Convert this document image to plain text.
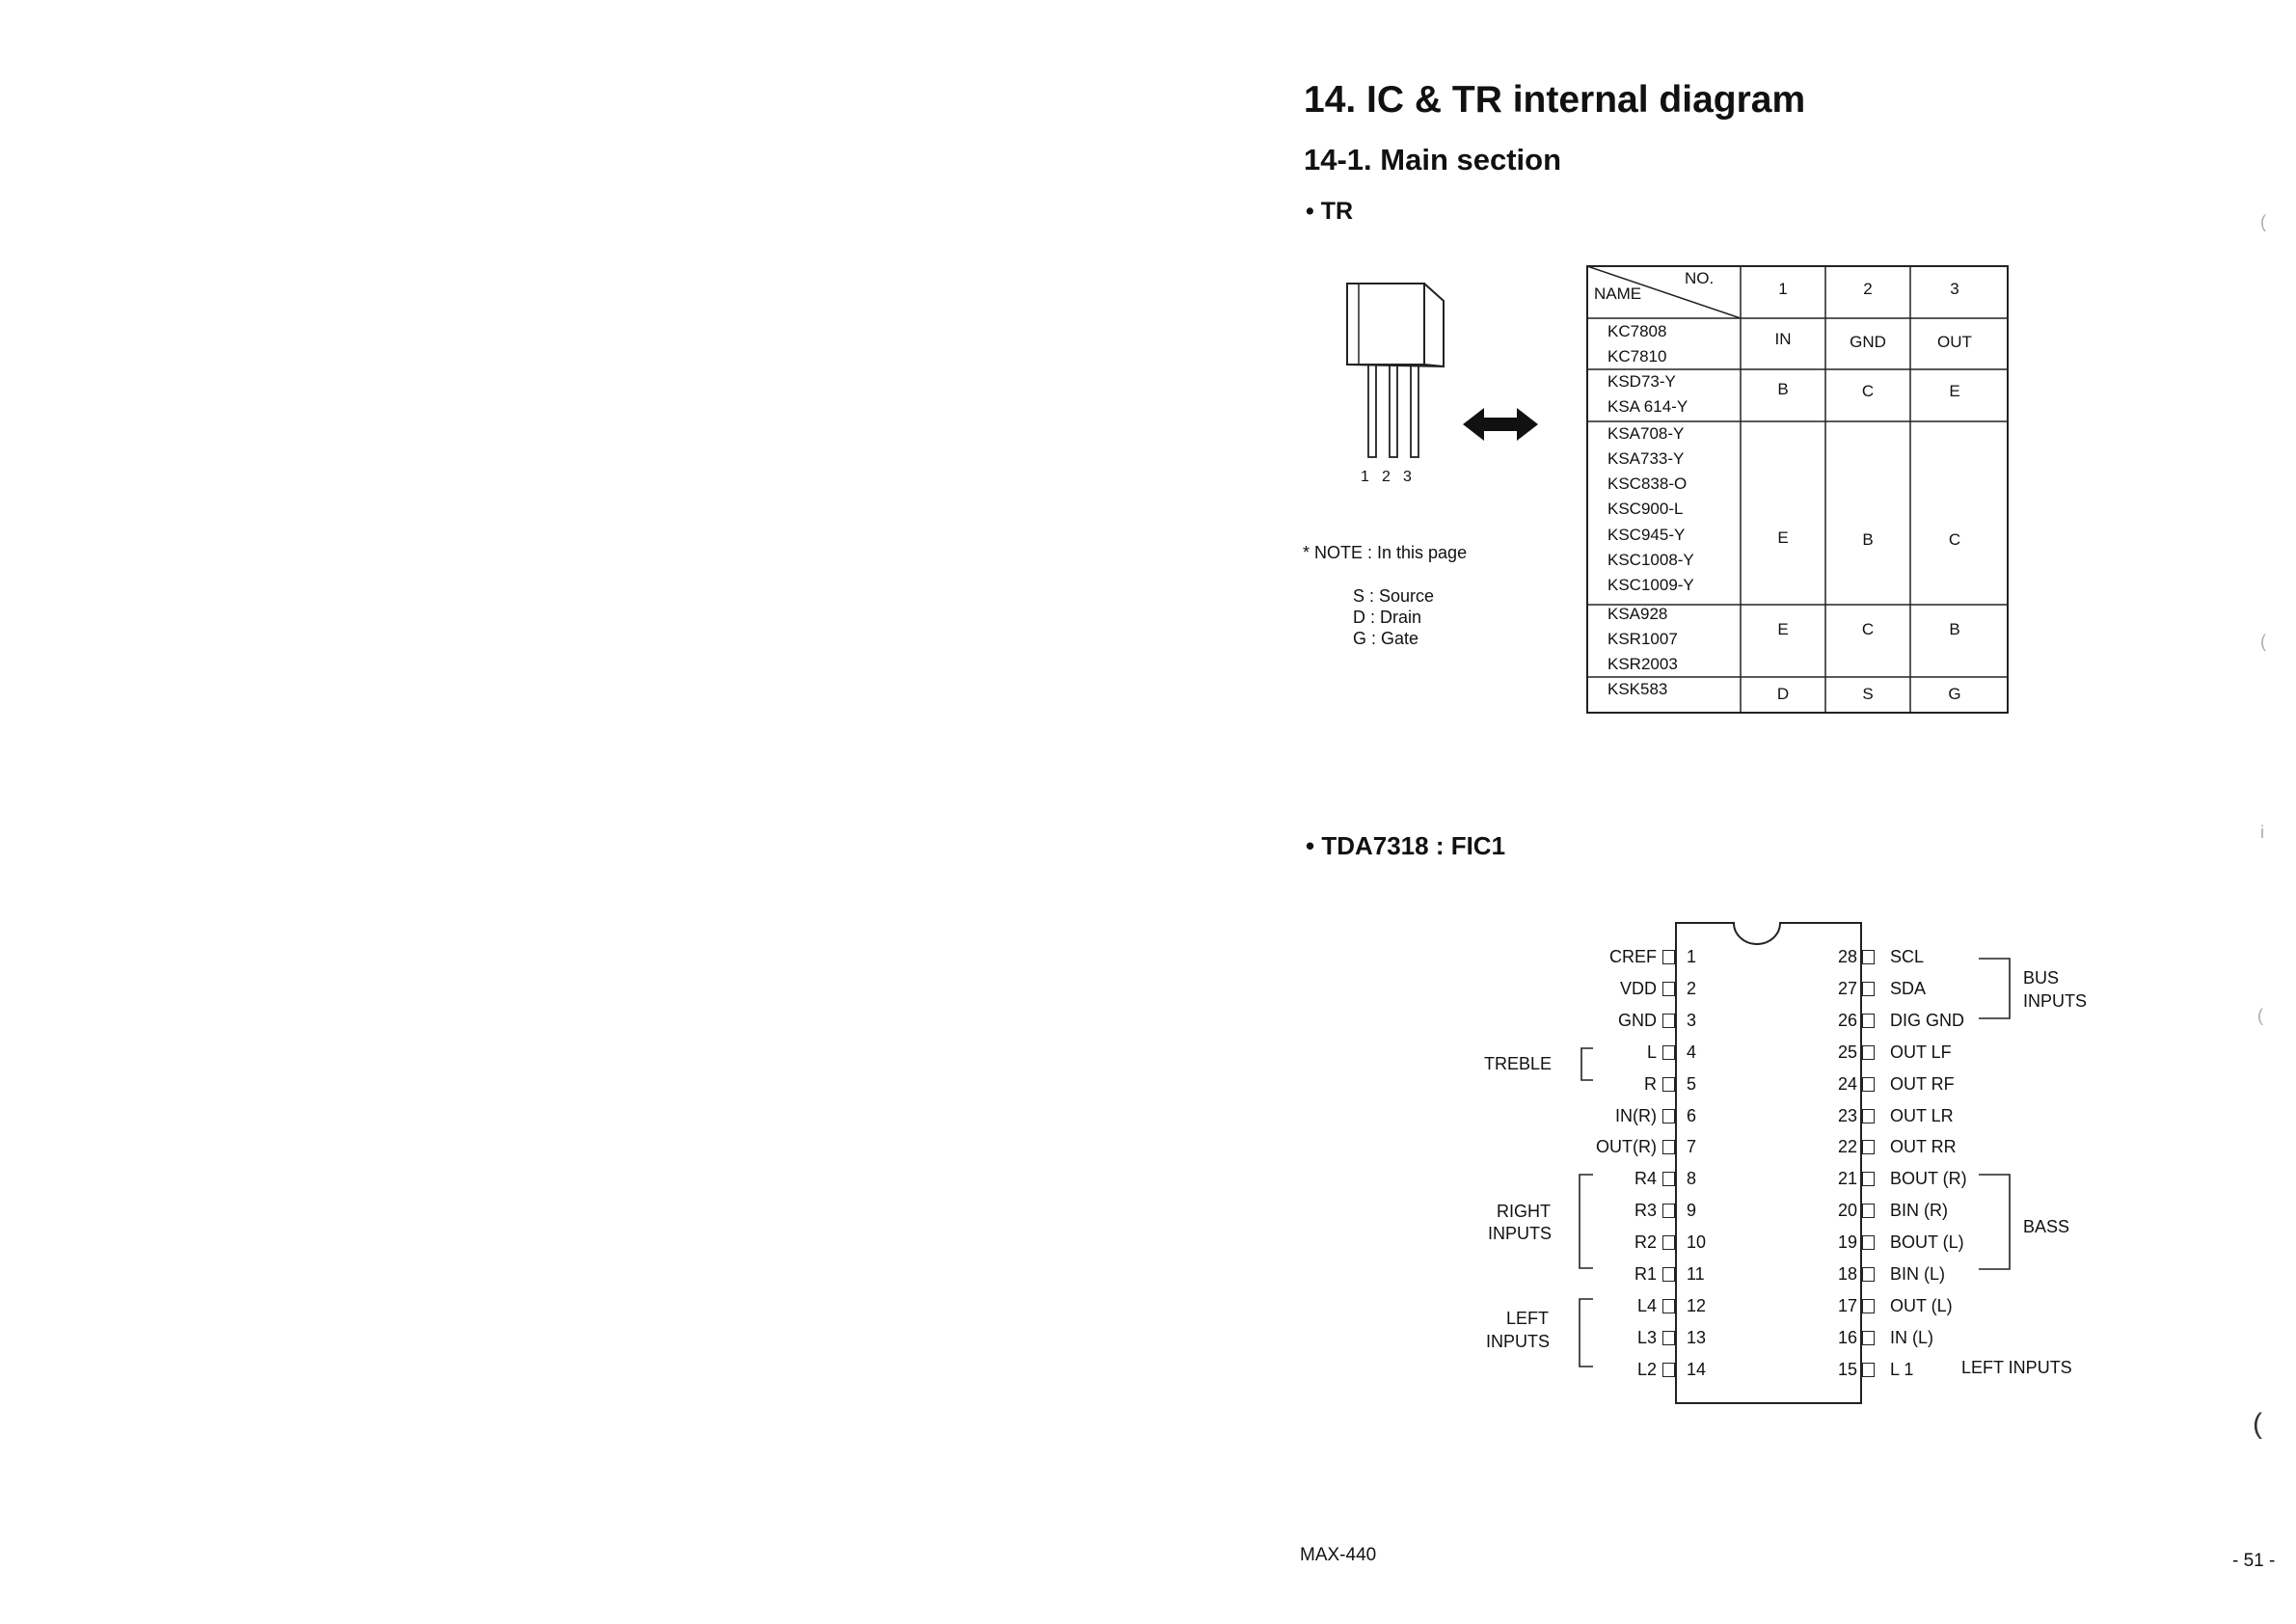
14. IC & TR internal diagram
14-1. Main section
• TR
1 2 3
* NOTE : In this page
S : Source
D : Drain
G : Gate
NO.
NAME	1	2	3
KC7808
KC7810
IN	GND	OUT
KSD73-Y
KSA 614-Y
B	C	E
KSA708-Y
KSA733-Y
KSC838-O
KSC900-L
KSC945-Y
KSC1008-Y
KSC1009-Y
E	B	C
KSA928
KSR1007
KSR2003
E	C	B
KSK583	D	S	G
• TDA7318 : FIC1
TREBLE
RIGHT
INPUTS
LEFT
INPUTS
BUS
INPUTS
BASS
LEFT INPUTS
CREF 1
VDD 2
GND 3
L 4
R 5
IN(R) 6
OUT(R) 7
R4 8
R3 9
R2 10
R1 11
L4 12
L3 13
L2 14
28 SCL
27 SDA
26 DIG GND
25 OUT LF
24 OUT RF
23 OUT LR
22 OUT RR
21 BOUT (R)
20 BIN (R)
19 BOUT (L)
18 BIN (L)
17 OUT (L)
16 IN (L)
15 L 1
(
(
i
(
(
MAX-440	- 51 -
